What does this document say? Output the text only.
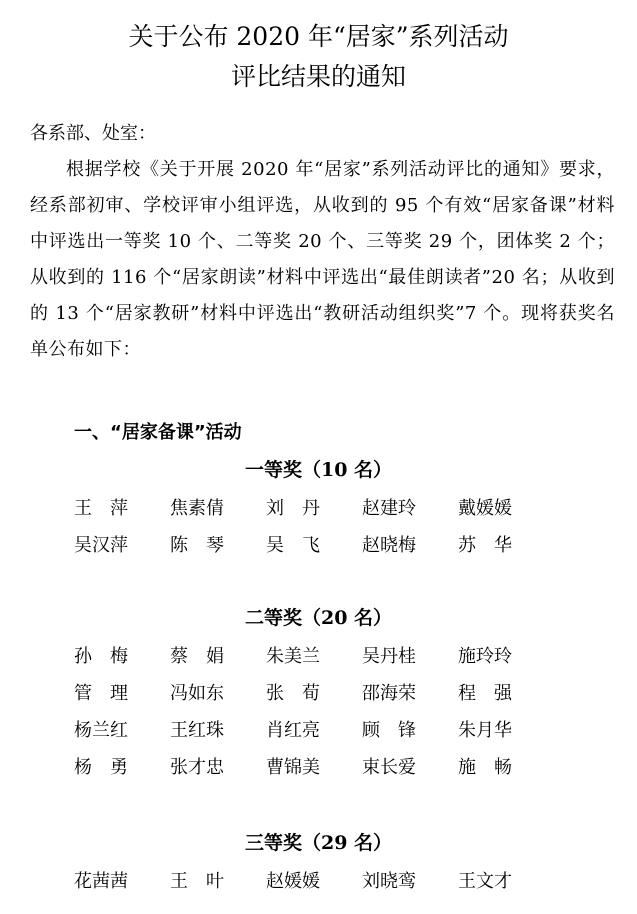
关于公布 2020 年“居家”系列活动
评比结果的通知
各系部、处室：
根据学校《关于开展 2020 年“居家”系列活动评比的通知》要求，经系部初审、学校评审小组评选，从收到的 95 个有效“居家备课”材料中评选出一等奖 10 个、二等奖 20 个、三等奖 29 个，团体奖 2 个；从收到的 116 个“居家朗读”材料中评选出“最佳朗读者”20 名；从收到的 13 个“居家教研”材料中评选出“教研活动组织奖”7 个。现将获奖名单公布如下：
一、“居家备课”活动
一等奖（10 名）
王　萍	焦素倩	刘　丹	赵建玲	戴媛媛
吴汉萍	陈　琴	吴　飞	赵晓梅	苏　华
二等奖（20 名）
孙　梅	蔡　娟	朱美兰	吴丹桂	施玲玲
管　理	冯如东	张　荀	邵海荣	程　强
杨兰红	王红珠	肖红亮	顾　锋	朱月华
杨　勇	张才忠	曹锦美	束长爱	施　畅
三等奖（29 名）
花茜茜	王　叶	赵媛媛	刘晓鸾	王文才
